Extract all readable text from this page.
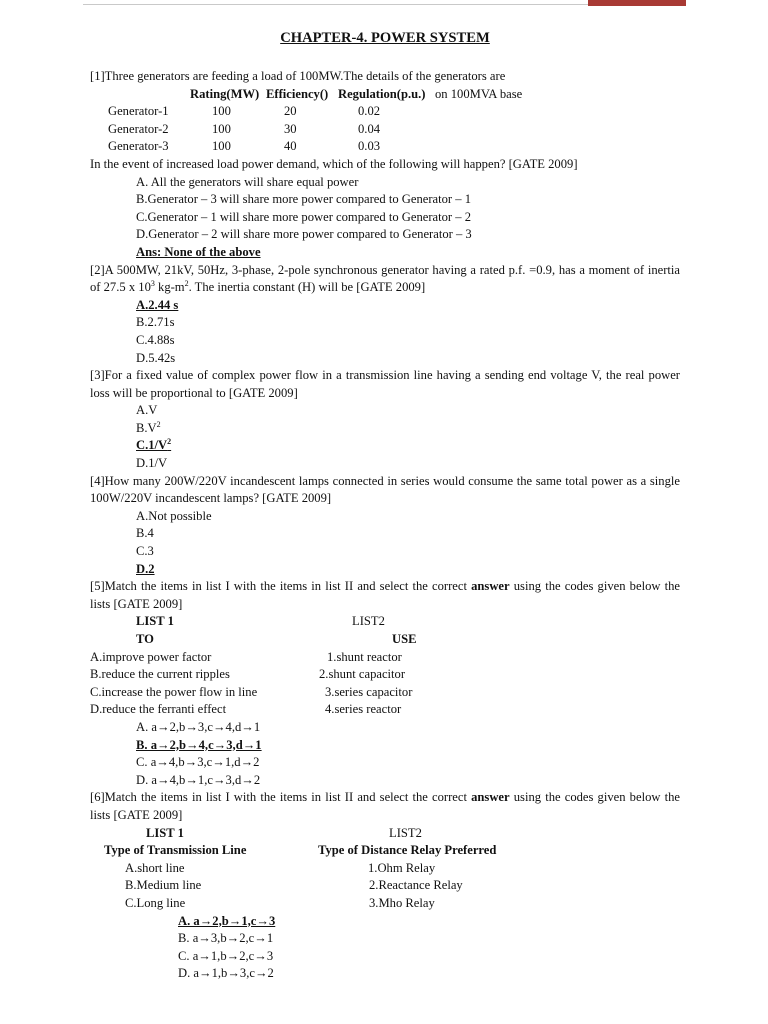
CHAPTER-4. POWER SYSTEM
[1]Three generators are feeding a load of 100MW.The details of the generators are
Rating(MW) Efficiency() Regulation(p.u.) on 100MVA base
Generator-1	100	20	0.02
Generator-2	100	30	0.04
Generator-3	100	40	0.03
In the event of increased load power demand, which of the following will happen? [GATE 2009]
A. All the generators will share equal power
B.Generator – 3 will share more power compared to Generator – 1
C.Generator – 1 will share more power compared to Generator – 2
D.Generator – 2 will share more power compared to Generator – 3
Ans: None of the above
[2]A 500MW, 21kV, 50Hz, 3-phase, 2-pole synchronous generator having a rated p.f. =0.9, has a moment of inertia of 27.5 x $10^3$ $kg-m^2$. The inertia constant (H) will be [GATE 2009]
A.2.44 s
B.2.71s
C.4.88s
D.5.42s
[3]For a fixed value of complex power flow in a transmission line having a sending end voltage V, the real power loss will be proportional to [GATE 2009]
A.V
$B.V^2$
$C.1/V^2$
D.1/V
[4]How many 200W/220V incandescent lamps connected in series would consume the same total power as a single 100W/220V incandescent lamps? [GATE 2009]
A.Not possible
B.4
C.3
D.2
[5]Match the items in list I with the items in list II and select the correct answer using the codes given below the lists [GATE 2009]
LIST 1	LIST2
TO	USE
A.improve power factor	1.shunt reactor
B.reduce the current ripples	2.shunt capacitor
C.increase the power flow in line	3.series capacitor
D.reduce the ferranti effect	4.series reactor
A. a→2,b→3,c→4,d→1
B. a→2,b→4,c→3,d→1
C. a→4,b→3,c→1,d→2
D. a→4,b→1,c→3,d→2
[6]Match the items in list I with the items in list II and select the correct answer using the codes given below the lists [GATE 2009]
LIST 1	LIST2
Type of Transmission Line	Type of Distance Relay Preferred
A.short line	1.Ohm Relay
B.Medium line	2.Reactance Relay
C.Long line	3.Mho Relay
A. a→2,b→1,c→3
B. a→3,b→2,c→1
C. a→1,b→2,c→3
D. a→1,b→3,c→2
